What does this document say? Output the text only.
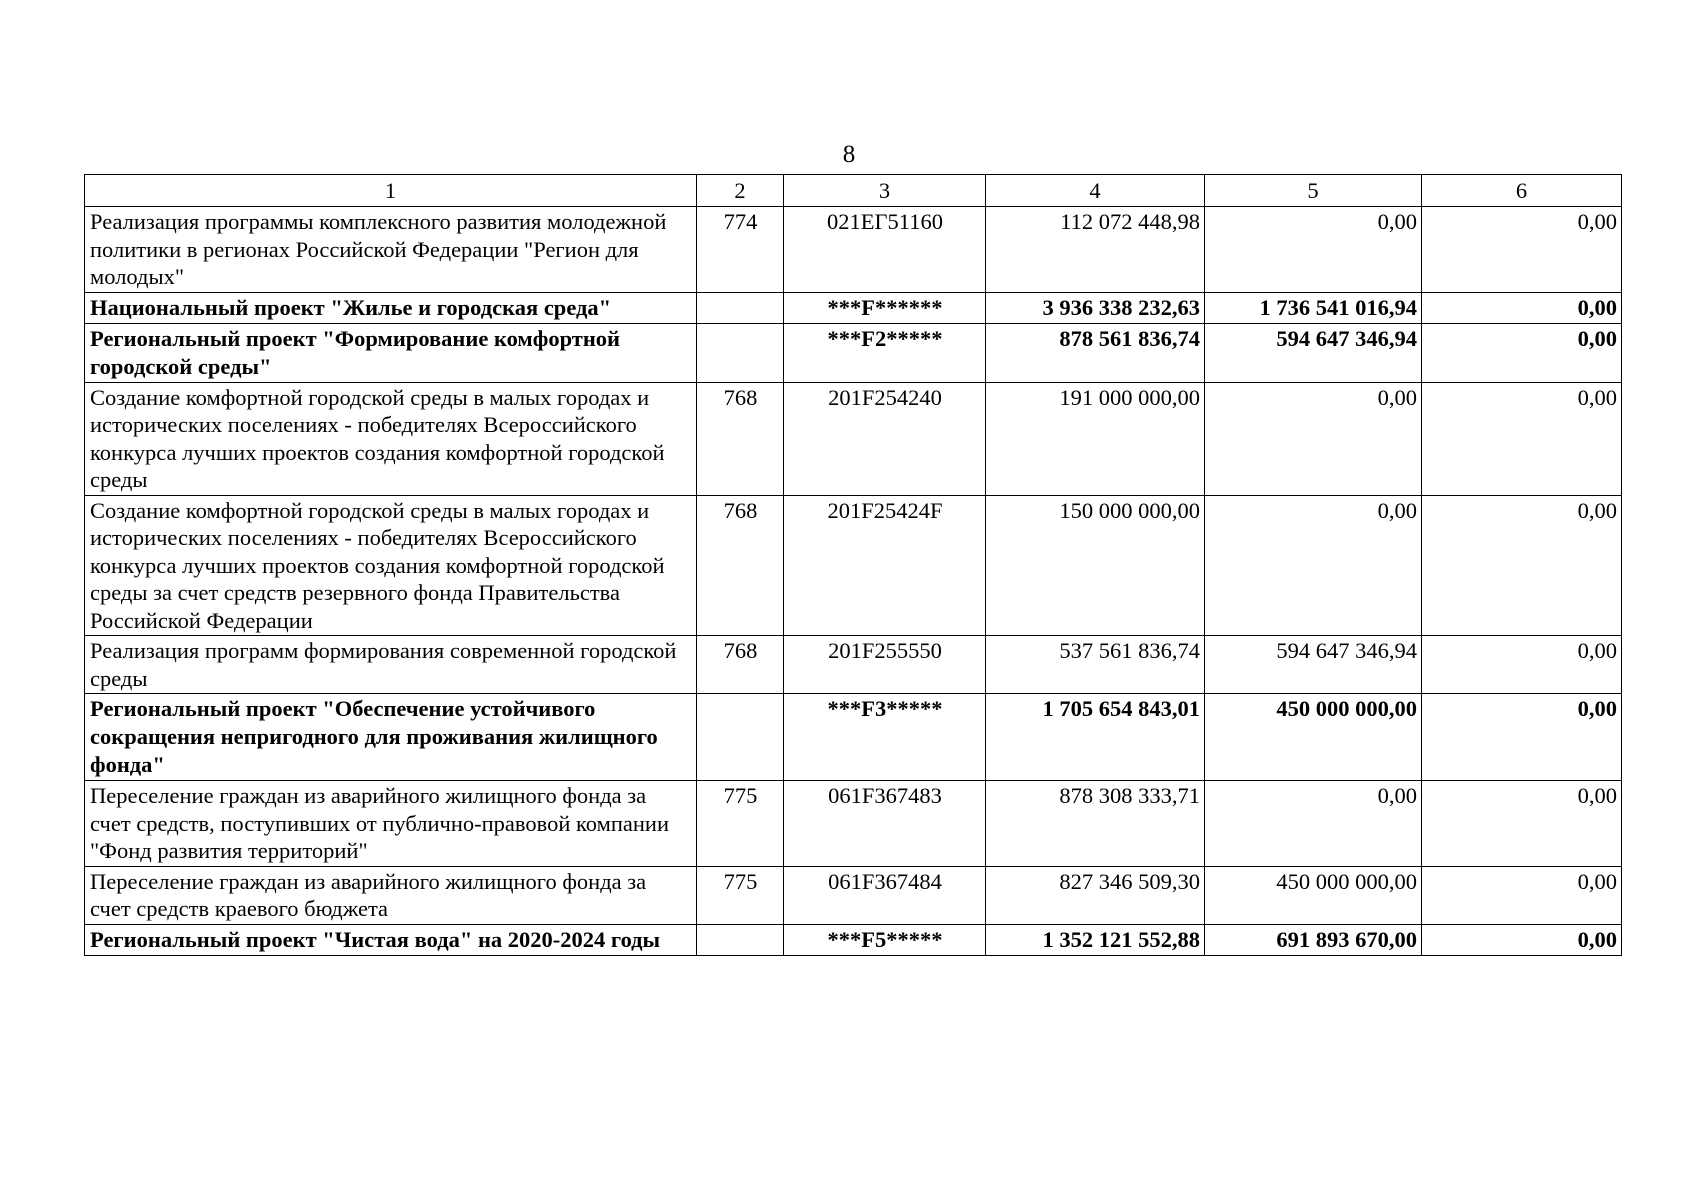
8
1	2	3	4	5	6
Реализация программы комплексного развития молодежной политики в регионах Российской Федерации "Регион для молодых"	774	021ЕГ51160	112 072 448,98	0,00	0,00
Национальный проект "Жилье и городская среда"		***F******	3 936 338 232,63	1 736 541 016,94	0,00
Региональный проект "Формирование комфортной городской среды"		***F2*****	878 561 836,74	594 647 346,94	0,00
Создание комфортной городской среды в малых городах и исторических поселениях - победителях Всероссийского конкурса лучших проектов создания комфортной городской среды	768	201F254240	191 000 000,00	0,00	0,00
Создание комфортной городской среды в малых городах и исторических поселениях - победителях Всероссийского конкурса лучших проектов создания комфортной городской среды за счет средств резервного фонда Правительства Российской Федерации	768	201F25424F	150 000 000,00	0,00	0,00
Реализация программ формирования современной городской среды	768	201F255550	537 561 836,74	594 647 346,94	0,00
Региональный проект "Обеспечение устойчивого сокращения непригодного для проживания жилищного фонда"		***F3*****	1 705 654 843,01	450 000 000,00	0,00
Переселение граждан из аварийного жилищного фонда за счет средств, поступивших от публично-правовой компании "Фонд развития территорий"	775	061F367483	878 308 333,71	0,00	0,00
Переселение граждан из аварийного жилищного фонда за счет средств краевого бюджета	775	061F367484	827 346 509,30	450 000 000,00	0,00
Региональный проект "Чистая вода" на 2020-2024 годы		***F5*****	1 352 121 552,88	691 893 670,00	0,00
